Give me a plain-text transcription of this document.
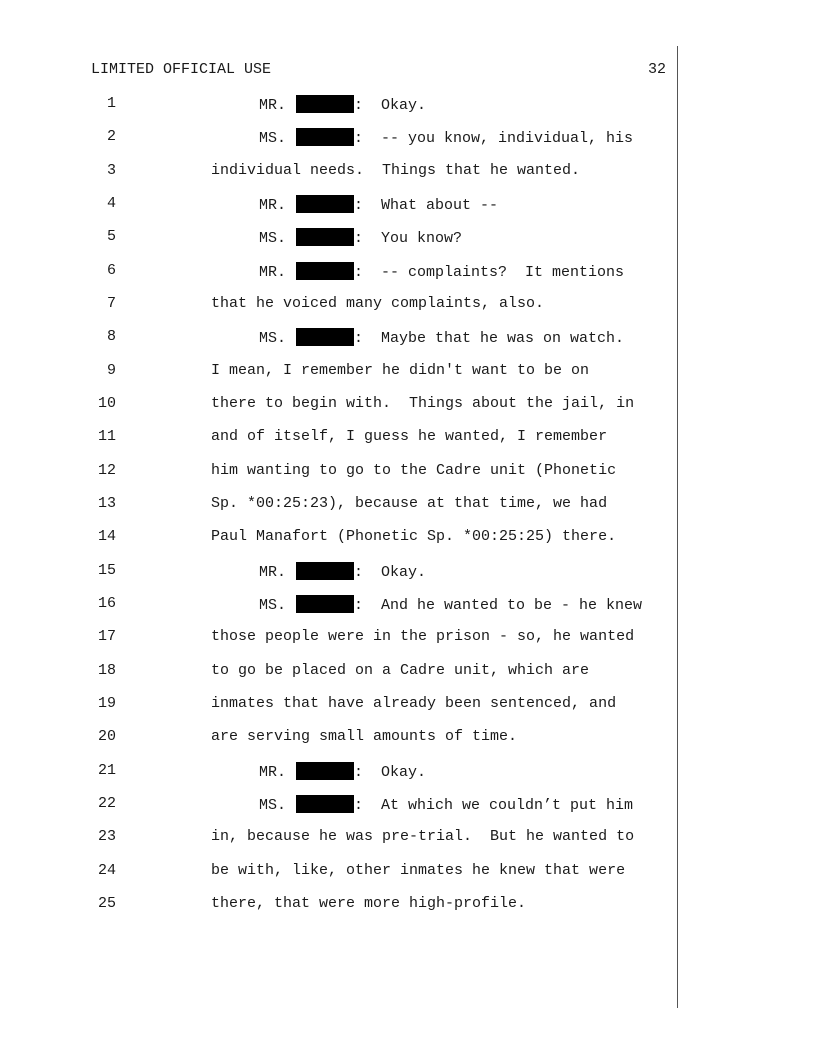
LIMITED OFFICIAL USE	32
1	MR.	:  Okay.
2	MS.	:  -- you know, individual, his
3	individual needs.  Things that he wanted.
4	MR.	:  What about --
5	MS.	:  You know?
6	MR.	:  -- complaints?  It mentions
7	that he voiced many complaints, also.
8	MS.	:  Maybe that he was on watch.
9	I mean, I remember he didn't want to be on
10	there to begin with.  Things about the jail, in
11	and of itself, I guess he wanted, I remember
12	him wanting to go to the Cadre unit (Phonetic
13	Sp. *00:25:23), because at that time, we had
14	Paul Manafort (Phonetic Sp. *00:25:25) there.
15	MR.	:  Okay.
16	MS.	:  And he wanted to be - he knew
17	those people were in the prison - so, he wanted
18	to go be placed on a Cadre unit, which are
19	inmates that have already been sentenced, and
20	are serving small amounts of time.
21	MR.	:  Okay.
22	MS.	:  At which we couldn’t put him
23	in, because he was pre-trial.  But he wanted to
24	be with, like, other inmates he knew that were
25	there, that were more high-profile.
